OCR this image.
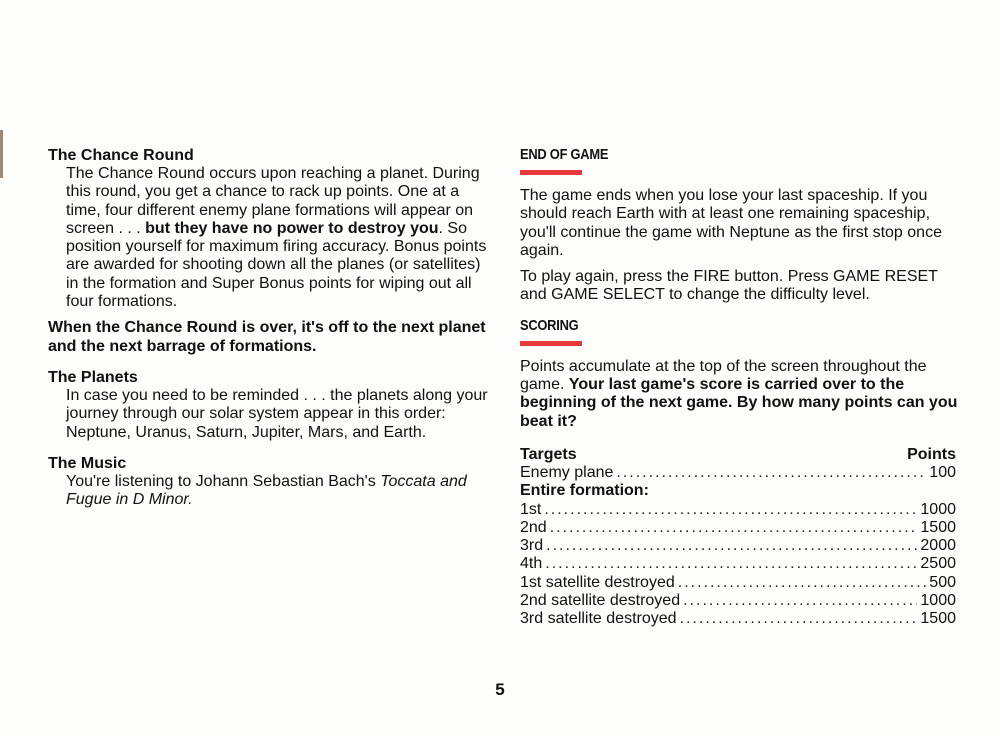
The Chance Round

The Chance Round occurs upon reaching a planet. During this round, you get a chance to rack up points. One at a time, four different enemy plane formations will appear on screen . . . but they have no power to destroy you. So position yourself for maximum firing accuracy. Bonus points are awarded for shooting down all the planes (or satellites) in the formation and Super Bonus points for wiping out all four formations.

When the Chance Round is over, it's off to the next planet and the next barrage of formations.

The Planets

In case you need to be reminded . . . the planets along your journey through our solar system appear in this order: Neptune, Uranus, Saturn, Jupiter, Mars, and Earth.

The Music

You're listening to Johann Sebastian Bach's Toccata and Fugue in D Minor.

END OF GAME

The game ends when you lose your last spaceship. If you should reach Earth with at least one remaining spaceship, you'll continue the game with Neptune as the first stop once again.

To play again, press the FIRE button. Press GAME RESET and GAME SELECT to change the difficulty level.

SCORING

Points accumulate at the top of the screen throughout the game. Your last game's score is carried over to the beginning of the next game. By how many points can you beat it?

Targets	Points
Enemy plane .....	100
Entire formation:
1st .....	1000
2nd .....	1500
3rd .....	2000
4th .....	2500
1st satellite destroyed .....	500
2nd satellite destroyed .....	1000
3rd satellite destroyed .....	1500
5
